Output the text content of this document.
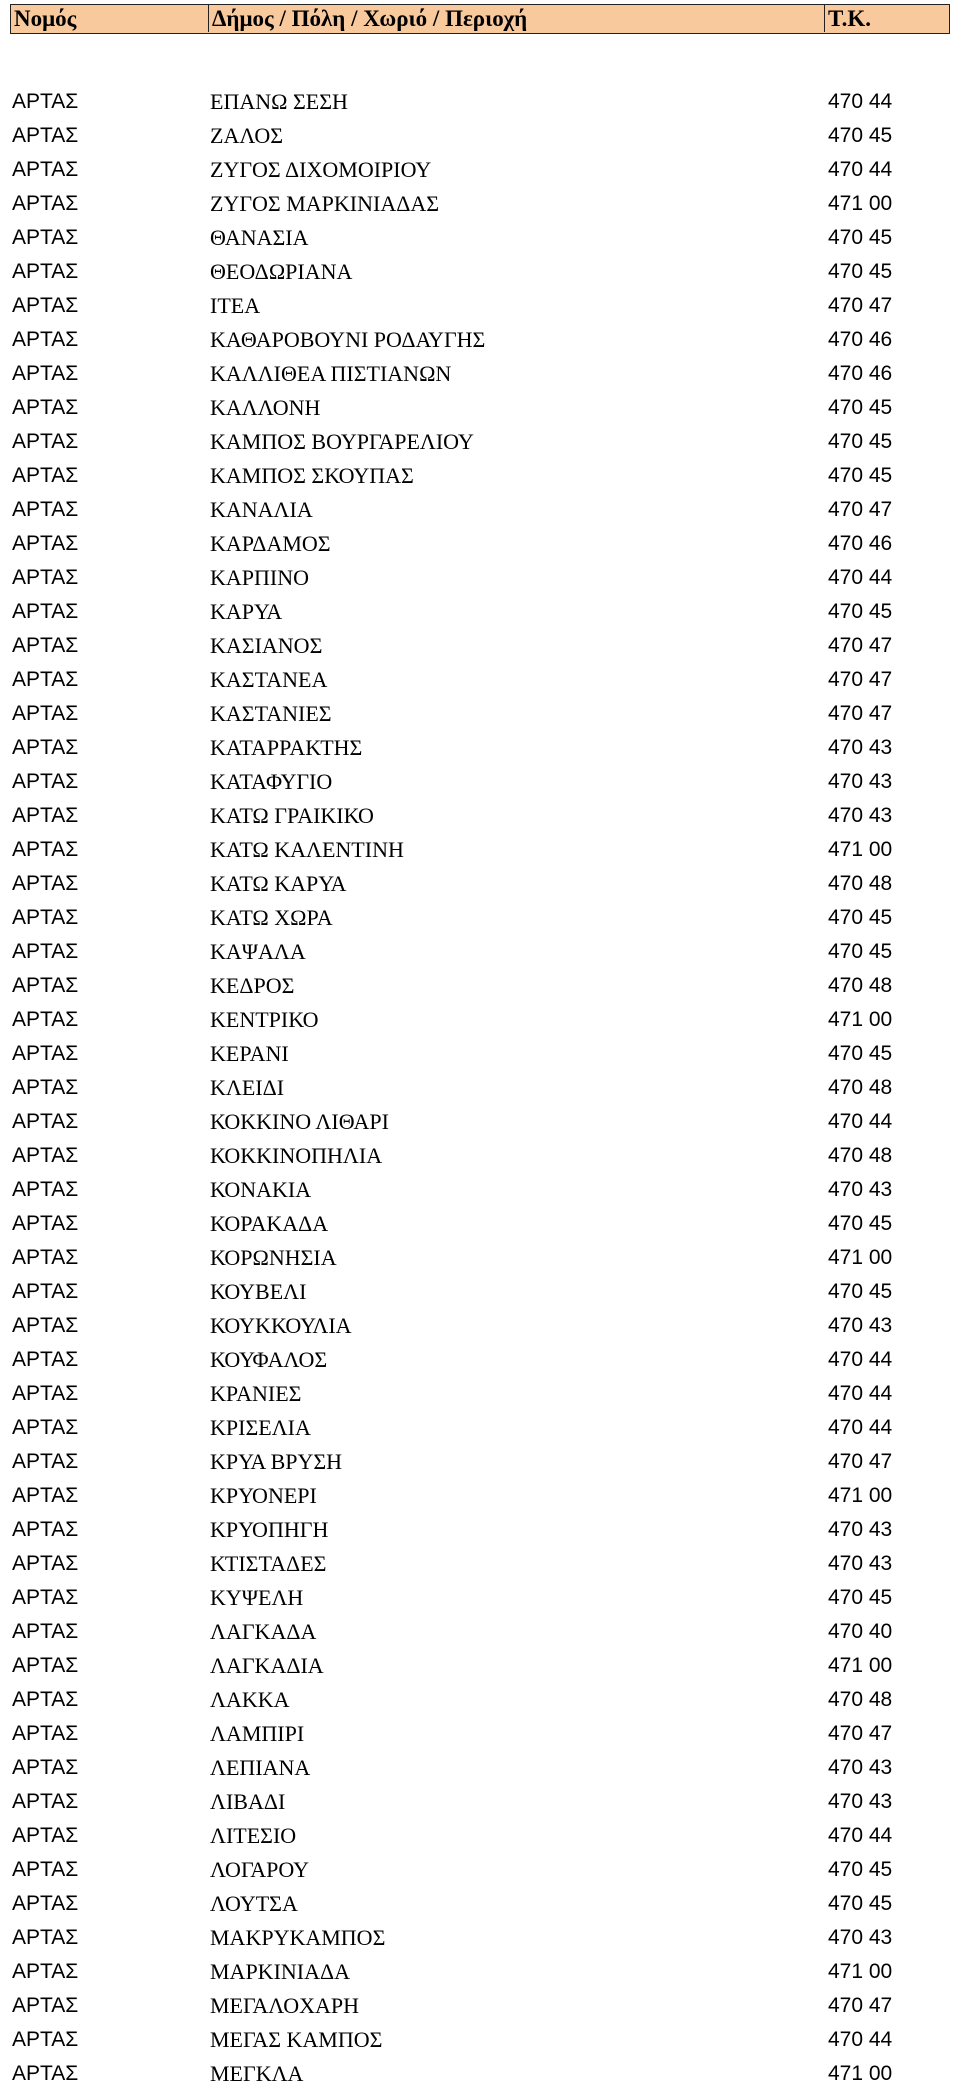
Νομός	Δήμος / Πόλη / Χωριό / Περιοχή	Τ.Κ.
ΑΡΤΑΣ	ΕΠΑΝΩ ΣΕΣΗ	470 44
ΑΡΤΑΣ	ΖΑΛΟΣ	470 45
ΑΡΤΑΣ	ΖΥΓΟΣ ΔΙΧΟΜΟΙΡΙΟΥ	470 44
ΑΡΤΑΣ	ΖΥΓΟΣ ΜΑΡΚΙΝΙΑΔΑΣ	471 00
ΑΡΤΑΣ	ΘΑΝΑΣΙΑ	470 45
ΑΡΤΑΣ	ΘΕΟΔΩΡΙΑΝΑ	470 45
ΑΡΤΑΣ	ΙΤΕΑ	470 47
ΑΡΤΑΣ	ΚΑΘΑΡΟΒΟΥΝΙ ΡΟΔΑΥΓΗΣ	470 46
ΑΡΤΑΣ	ΚΑΛΛΙΘΕΑ ΠΙΣΤΙΑΝΩΝ	470 46
ΑΡΤΑΣ	ΚΑΛΛΟΝΗ	470 45
ΑΡΤΑΣ	ΚΑΜΠΟΣ ΒΟΥΡΓΑΡΕΛΙΟΥ	470 45
ΑΡΤΑΣ	ΚΑΜΠΟΣ ΣΚΟΥΠΑΣ	470 45
ΑΡΤΑΣ	ΚΑΝΑΛΙΑ	470 47
ΑΡΤΑΣ	ΚΑΡΔΑΜΟΣ	470 46
ΑΡΤΑΣ	ΚΑΡΠΙΝΟ	470 44
ΑΡΤΑΣ	ΚΑΡΥΑ	470 45
ΑΡΤΑΣ	ΚΑΣΙΑΝΟΣ	470 47
ΑΡΤΑΣ	ΚΑΣΤΑΝΕΑ	470 47
ΑΡΤΑΣ	ΚΑΣΤΑΝΙΕΣ	470 47
ΑΡΤΑΣ	ΚΑΤΑΡΡΑΚΤΗΣ	470 43
ΑΡΤΑΣ	ΚΑΤΑΦΥΓΙΟ	470 43
ΑΡΤΑΣ	ΚΑΤΩ ΓΡΑΙΚΙΚΟ	470 43
ΑΡΤΑΣ	ΚΑΤΩ ΚΑΛΕΝΤΙΝΗ	471 00
ΑΡΤΑΣ	ΚΑΤΩ ΚΑΡΥΑ	470 48
ΑΡΤΑΣ	ΚΑΤΩ ΧΩΡΑ	470 45
ΑΡΤΑΣ	ΚΑΨΑΛΑ	470 45
ΑΡΤΑΣ	ΚΕΔΡΟΣ	470 48
ΑΡΤΑΣ	ΚΕΝΤΡΙΚΟ	471 00
ΑΡΤΑΣ	ΚΕΡΑΝΙ	470 45
ΑΡΤΑΣ	ΚΛΕΙΔΙ	470 48
ΑΡΤΑΣ	ΚΟΚΚΙΝΟ ΛΙΘΑΡΙ	470 44
ΑΡΤΑΣ	ΚΟΚΚΙΝΟΠΗΛΙΑ	470 48
ΑΡΤΑΣ	ΚΟΝΑΚΙΑ	470 43
ΑΡΤΑΣ	ΚΟΡΑΚΑΔΑ	470 45
ΑΡΤΑΣ	ΚΟΡΩΝΗΣΙΑ	471 00
ΑΡΤΑΣ	ΚΟΥΒΕΛΙ	470 45
ΑΡΤΑΣ	ΚΟΥΚΚΟΥΛΙΑ	470 43
ΑΡΤΑΣ	ΚΟΥΦΑΛΟΣ	470 44
ΑΡΤΑΣ	ΚΡΑΝΙΕΣ	470 44
ΑΡΤΑΣ	ΚΡΙΣΕΛΙΑ	470 44
ΑΡΤΑΣ	ΚΡΥΑ ΒΡΥΣΗ	470 47
ΑΡΤΑΣ	ΚΡΥΟΝΕΡΙ	471 00
ΑΡΤΑΣ	ΚΡΥΟΠΗΓΗ	470 43
ΑΡΤΑΣ	ΚΤΙΣΤΑΔΕΣ	470 43
ΑΡΤΑΣ	ΚΥΨΕΛΗ	470 45
ΑΡΤΑΣ	ΛΑΓΚΑΔΑ	470 40
ΑΡΤΑΣ	ΛΑΓΚΑΔΙΑ	471 00
ΑΡΤΑΣ	ΛΑΚΚΑ	470 48
ΑΡΤΑΣ	ΛΑΜΠΙΡΙ	470 47
ΑΡΤΑΣ	ΛΕΠΙΑΝΑ	470 43
ΑΡΤΑΣ	ΛΙΒΑΔΙ	470 43
ΑΡΤΑΣ	ΛΙΤΕΣΙΟ	470 44
ΑΡΤΑΣ	ΛΟΓΑΡΟΥ	470 45
ΑΡΤΑΣ	ΛΟΥΤΣΑ	470 45
ΑΡΤΑΣ	ΜΑΚΡΥΚΑΜΠΟΣ	470 43
ΑΡΤΑΣ	ΜΑΡΚΙΝΙΑΔΑ	471 00
ΑΡΤΑΣ	ΜΕΓΑΛΟΧΑΡΗ	470 47
ΑΡΤΑΣ	ΜΕΓΑΣ ΚΑΜΠΟΣ	470 44
ΑΡΤΑΣ	ΜΕΓΚΛΑ	471 00
